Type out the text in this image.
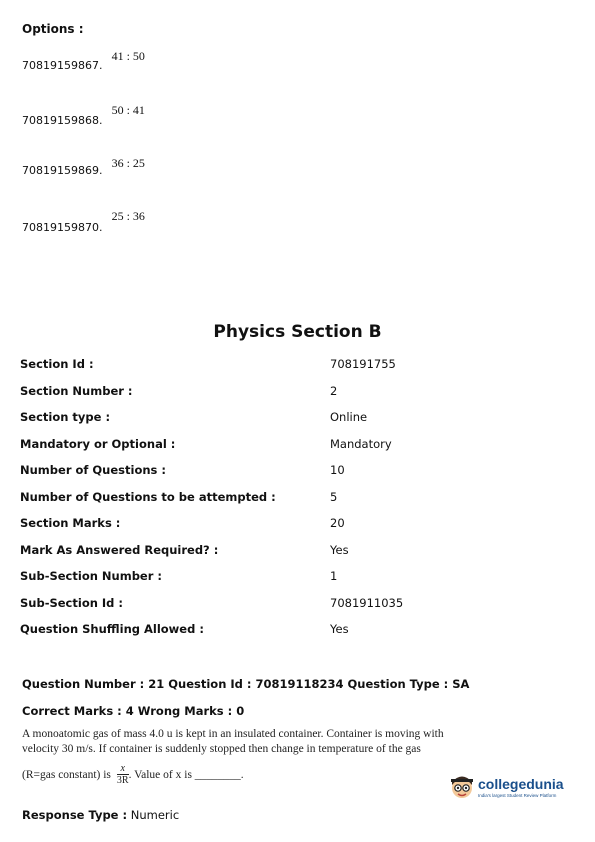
Options :
$_{70819159867.}$ 41 : 50
$_{70819159868.}$ 50 : 41
$_{70819159869.}$ 36 : 25
$_{70819159870.}$ 25 : 36
Physics Section B
Section Id :	708191755
Section Number :	2
Section type :	Online
Mandatory or Optional :	Mandatory
Number of Questions :	10
Number of Questions to be attempted :	5
Section Marks :	20
Mark As Answered Required? :	Yes
Sub-Section Number :	1
Sub-Section Id :	7081911035
Question Shuffling Allowed :	Yes
Question Number : 21 Question Id : 70819118234 Question Type : SA
Correct Marks : 4 Wrong Marks : 0
A monoatomic gas of mass 4.0 u is kept in an insulated container. Container is moving with
velocity 30 m/s. If container is suddenly stopped then change in temperature of the gas
(R=gas constant) is $\frac{x}{3R}$ . Value of x is ________.
Response Type : Numeric
collegedunia
India's largest Student Review Platform
